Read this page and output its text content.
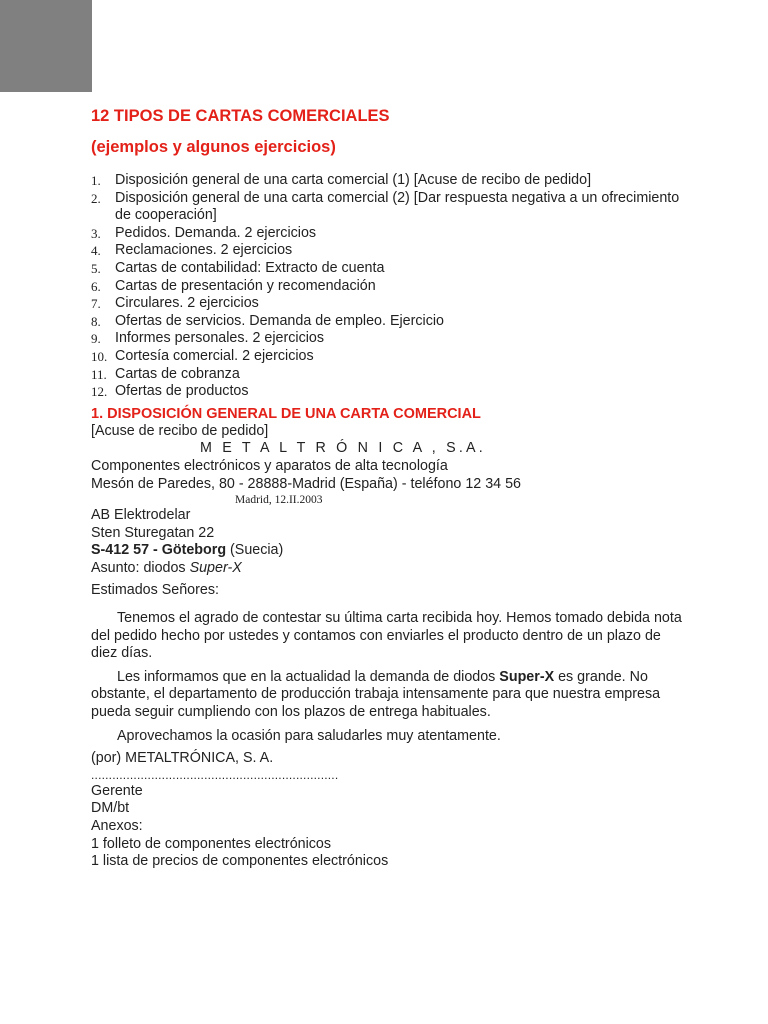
12 TIPOS DE CARTAS COMERCIALES
(ejemplos y algunos ejercicios)
1. Disposición general de una carta comercial (1) [Acuse de recibo de pedido]
2. Disposición general de una carta comercial (2) [Dar respuesta negativa a un ofrecimiento de cooperación]
3. Pedidos. Demanda. 2 ejercicios
4. Reclamaciones. 2 ejercicios
5. Cartas de contabilidad: Extracto de cuenta
6. Cartas de presentación y recomendación
7. Circulares. 2 ejercicios
8. Ofertas de servicios. Demanda de empleo. Ejercicio
9. Informes personales. 2 ejercicios
10. Cortesía comercial. 2 ejercicios
11. Cartas de cobranza
12. Ofertas de productos
1. DISPOSICIÓN GENERAL DE UNA CARTA COMERCIAL

[Acuse de recibo de pedido]

M E T A L T R Ó N I C A , S.A.

Componentes electrónicos y aparatos de alta tecnología

Mesón de Paredes, 80 - 28888-Madrid (España) - teléfono 12 34 56

Madrid, 12.II.2003

AB Elektrodelar

Sten Sturegatan 22

S-412 57 - Göteborg (Suecia)

Asunto: diodos Super-X

Estimados Señores:

Tenemos el agrado de contestar su última carta recibida hoy. Hemos tomado debida nota del pedido hecho por ustedes y contamos con enviarles el producto dentro de un plazo de diez días.

Les informamos que en la actualidad la demanda de diodos Super-X es grande. No obstante, el departamento de producción trabaja intensamente para que nuestra empresa pueda seguir cumpliendo con los plazos de entrega habituales.

Aprovechamos la ocasión para saludarles muy atentamente.

(por) METALTRÓNICA, S. A.

......................................................................

Gerente

DM/bt

Anexos:

1 folleto de componentes electrónicos

1 lista de precios de componentes electrónicos
